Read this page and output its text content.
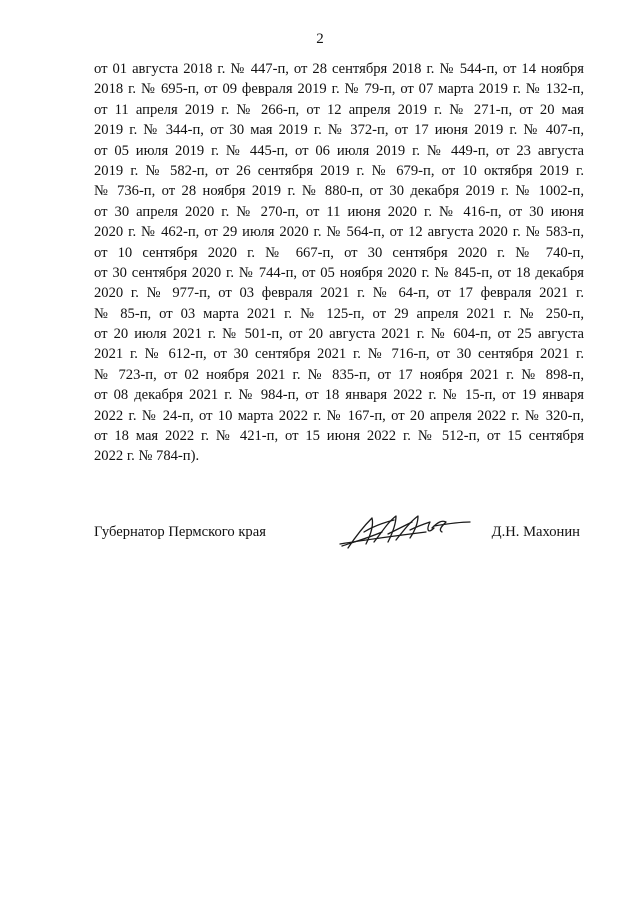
2
от 01 августа 2018 г. № 447-п, от 28 сентября 2018 г. № 544-п, от 14 ноября
2018 г. № 695-п, от 09 февраля 2019 г. № 79-п, от 07 марта 2019 г. № 132-п,
от 11 апреля 2019 г. № 266-п, от 12 апреля 2019 г. № 271-п, от 20 мая
2019 г. № 344-п, от 30 мая 2019 г. № 372-п, от 17 июня 2019 г. № 407-п,
от 05 июля 2019 г. № 445-п, от 06 июля 2019 г. № 449-п, от 23 августа
2019 г. № 582-п, от 26 сентября 2019 г. № 679-п, от 10 октября 2019 г.
№ 736-п, от 28 ноября 2019 г. № 880-п, от 30 декабря 2019 г. № 1002-п,
от 30 апреля 2020 г. № 270-п, от 11 июня 2020 г. № 416-п, от 30 июня
2020 г. № 462-п, от 29 июля 2020 г. № 564-п, от 12 августа 2020 г. № 583-п,
от 10 сентября 2020 г. № 667-п, от 30 сентября 2020 г. № 740-п,
от 30 сентября 2020 г. № 744-п, от 05 ноября 2020 г. № 845-п, от 18 декабря
2020 г. № 977-п, от 03 февраля 2021 г. № 64-п, от 17 февраля 2021 г.
№ 85-п, от 03 марта 2021 г. № 125-п, от 29 апреля 2021 г. № 250-п,
от 20 июля 2021 г. № 501-п, от 20 августа 2021 г. № 604-п, от 25 августа
2021 г. № 612-п, от 30 сентября 2021 г. № 716-п, от 30 сентября 2021 г.
№ 723-п, от 02 ноября 2021 г. № 835-п, от 17 ноября 2021 г. № 898-п,
от 08 декабря 2021 г. № 984-п, от 18 января 2022 г. № 15-п, от 19 января
2022 г. № 24-п, от 10 марта 2022 г. № 167-п, от 20 апреля 2022 г. № 320-п,
от 18 мая 2022 г. № 421-п, от 15 июня 2022 г. № 512-п, от 15 сентября
2022 г. № 784-п).
Губернатор Пермского края	Д.Н. Махонин
